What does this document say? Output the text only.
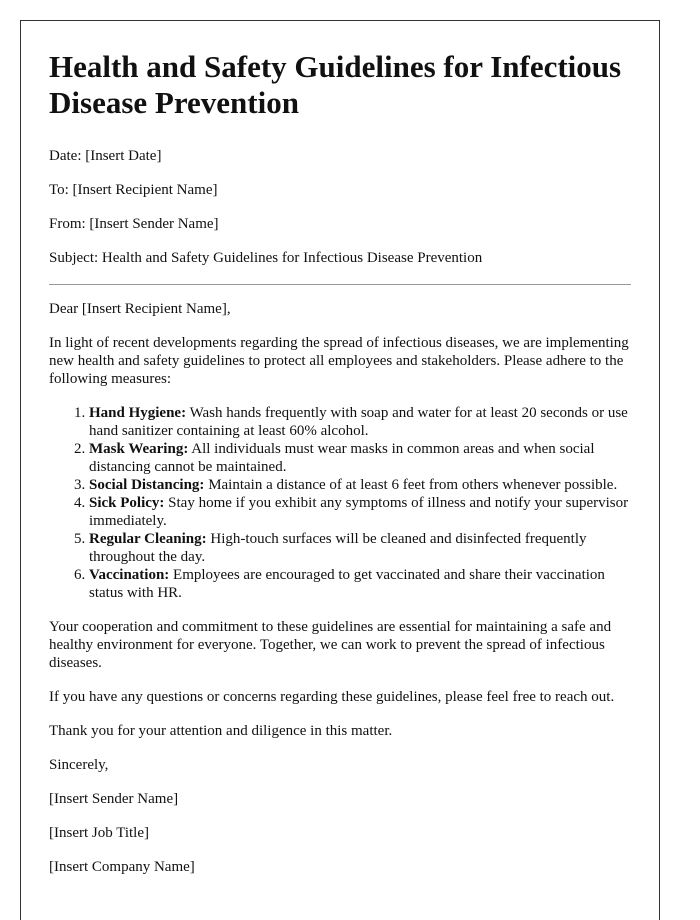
Health and Safety Guidelines for Infectious Disease Prevention

Date: [Insert Date]

To: [Insert Recipient Name]

From: [Insert Sender Name]

Subject: Health and Safety Guidelines for Infectious Disease Prevention

Dear [Insert Recipient Name],

In light of recent developments regarding the spread of infectious diseases, we are implementing new health and safety guidelines to protect all employees and stakeholders. Please adhere to the following measures:

1. Hand Hygiene: Wash hands frequently with soap and water for at least 20 seconds or use hand sanitizer containing at least 60% alcohol.
2. Mask Wearing: All individuals must wear masks in common areas and when social distancing cannot be maintained.
3. Social Distancing: Maintain a distance of at least 6 feet from others whenever possible.
4. Sick Policy: Stay home if you exhibit any symptoms of illness and notify your supervisor immediately.
5. Regular Cleaning: High-touch surfaces will be cleaned and disinfected frequently throughout the day.
6. Vaccination: Employees are encouraged to get vaccinated and share their vaccination status with HR.

Your cooperation and commitment to these guidelines are essential for maintaining a safe and healthy environment for everyone. Together, we can work to prevent the spread of infectious diseases.

If you have any questions or concerns regarding these guidelines, please feel free to reach out.

Thank you for your attention and diligence in this matter.

Sincerely,

[Insert Sender Name]

[Insert Job Title]

[Insert Company Name]
